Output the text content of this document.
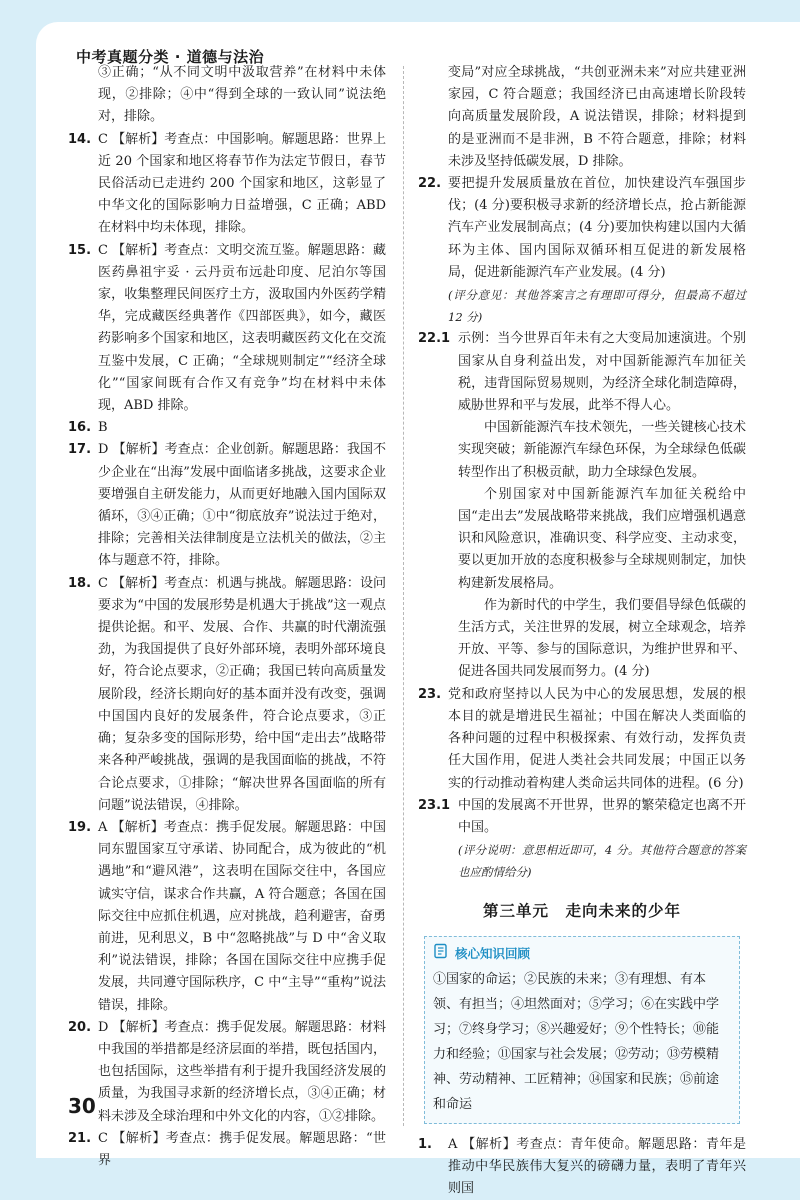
中考真题分类 · 道德与法治
③正确；“从不同文明中汲取营养”在材料中未体现，②排除；④中“得到全球的一致认同”说法绝对，排除。
14. C 【解析】考查点：中国影响。解题思路：世界上近 20 个国家和地区将春节作为法定节假日，春节民俗活动已走进约 200 个国家和地区，这彰显了中华文化的国际影响力日益增强，C 正确；ABD 在材料中均未体现，排除。
15. C 【解析】考查点：文明交流互鉴。解题思路：藏医药鼻祖宇妥 · 云丹贡布远赴印度、尼泊尔等国家，收集整理民间医疗土方，汲取国内外医药学精华，完成藏医经典著作《四部医典》，如今，藏医药影响多个国家和地区，这表明藏医药文化在交流互鉴中发展，C 正确；“全球规则制定”“经济全球化”“国家间既有合作又有竞争”均在材料中未体现，ABD 排除。
16. B
17. D 【解析】考查点：企业创新。解题思路：我国不少企业在“出海”发展中面临诸多挑战，这要求企业要增强自主研发能力，从而更好地融入国内国际双循环，③④正确；①中“彻底放弃”说法过于绝对，排除；完善相关法律制度是立法机关的做法，②主体与题意不符，排除。
18. C 【解析】考查点：机遇与挑战。解题思路：设问要求为“中国的发展形势是机遇大于挑战”这一观点提供论据。和平、发展、合作、共赢的时代潮流强劲，为我国提供了良好外部环境，表明外部环境良好，符合论点要求，②正确；我国已转向高质量发展阶段，经济长期向好的基本面并没有改变，强调中国国内良好的发展条件，符合论点要求，③正确；复杂多变的国际形势，给中国“走出去”战略带来各种严峻挑战，强调的是我国面临的挑战，不符合论点要求，①排除；“解决世界各国面临的所有问题”说法错误，④排除。
19. A 【解析】考查点：携手促发展。解题思路：中国同东盟国家互守承诺、协同配合，成为彼此的“机遇地”和“避风港”，这表明在国际交往中，各国应诚实守信，谋求合作共赢，A 符合题意；各国在国际交往中应抓住机遇，应对挑战，趋利避害，奋勇前进，见利思义，B 中“忽略挑战”与 D 中“舍义取利”说法错误，排除；各国在国际交往中应携手促发展，共同遵守国际秩序，C 中“主导”“重构”说法错误，排除。
20. D 【解析】考查点：携手促发展。解题思路：材料中我国的举措都是经济层面的举措，既包括国内，也包括国际，这些举措有利于提升我国经济发展的质量，为我国寻求新的经济增长点，③④正确；材料未涉及全球治理和中外文化的内容，①②排除。
21. C 【解析】考查点：携手促发展。解题思路：“世界
变局”对应全球挑战，“共创亚洲未来”对应共建亚洲家园，C 符合题意；我国经济已由高速增长阶段转向高质量发展阶段，A 说法错误，排除；材料提到的是亚洲而不是非洲，B 不符合题意，排除；材料未涉及坚持低碳发展，D 排除。
22. 要把提升发展质量放在首位，加快建设汽车强国步伐；(4 分)要积极寻求新的经济增长点，抢占新能源汽车产业发展制高点；(4 分)要加快构建以国内大循环为主体、国内国际双循环相互促进的新发展格局，促进新能源汽车产业发展。(4 分)
(评分意见：其他答案言之有理即可得分，但最高不超过 12 分)
22.1 示例：当今世界百年未有之大变局加速演进。个别国家从自身利益出发，对中国新能源汽车加征关税，违背国际贸易规则，为经济全球化制造障碍，威胁世界和平与发展，此举不得人心。
中国新能源汽车技术领先，一些关键核心技术实现突破；新能源汽车绿色环保，为全球绿色低碳转型作出了积极贡献，助力全球绿色发展。
个别国家对中国新能源汽车加征关税给中国“走出去”发展战略带来挑战，我们应增强机遇意识和风险意识，准确识变、科学应变、主动求变，要以更加开放的态度积极参与全球规则制定，加快构建新发展格局。
作为新时代的中学生，我们要倡导绿色低碳的生活方式，关注世界的发展，树立全球观念，培养开放、平等、参与的国际意识，为维护世界和平、促进各国共同发展而努力。(4 分)
23. 党和政府坚持以人民为中心的发展思想，发展的根本目的就是增进民生福祉；中国在解决人类面临的各种问题的过程中积极探索、有效行动，发挥负责任大国作用，促进人类社会共同发展；中国正以务实的行动推动着构建人类命运共同体的进程。(6 分)
23.1 中国的发展离不开世界，世界的繁荣稳定也离不开中国。
(评分说明：意思相近即可，4 分。其他符合题意的答案也应酌情给分)
第三单元　走向未来的少年
核心知识回顾
①国家的命运；②民族的未来；③有理想、有本领、有担当；④坦然面对；⑤学习；⑥在实践中学习；⑦终身学习；⑧兴趣爱好；⑨个性特长；⑩能力和经验；⑪国家与社会发展；⑫劳动；⑬劳模精神、劳动精神、工匠精神；⑭国家和民族；⑮前途和命运
1. A 【解析】考查点：青年使命。解题思路：青年是推动中华民族伟大复兴的磅礴力量，表明了青年兴则国
30
